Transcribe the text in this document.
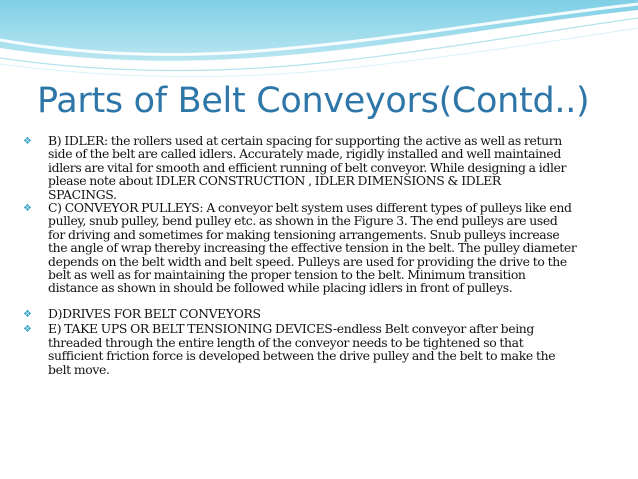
Parts of Belt Conveyors(Contd..)
❖ B) IDLER: the rollers used at certain spacing for supporting the active as well as return
side of the belt are called idlers. Accurately made, rigidly installed and well maintained
idlers are vital for smooth and efficient running of belt conveyor. While designing a idler
please note about IDLER CONSTRUCTION , IDLER DIMENSIONS & IDLER
SPACINGS.
❖ C) CONVEYOR PULLEYS: A conveyor belt system uses different types of pulleys like end
pulley, snub pulley, bend pulley etc. as shown in the Figure 3. The end pulleys are used
for driving and sometimes for making tensioning arrangements. Snub pulleys increase
the angle of wrap thereby increasing the effective tension in the belt. The pulley diameter
depends on the belt width and belt speed. Pulleys are used for providing the drive to the
belt as well as for maintaining the proper tension to the belt. Minimum transition
distance as shown in should be followed while placing idlers in front of pulleys.
❖ D)DRIVES FOR BELT CONVEYORS
❖ E) TAKE UPS OR BELT TENSIONING DEVICES-endless Belt conveyor after being
threaded through the entire length of the conveyor needs to be tightened so that
sufficient friction force is developed between the drive pulley and the belt to make the
belt move.
